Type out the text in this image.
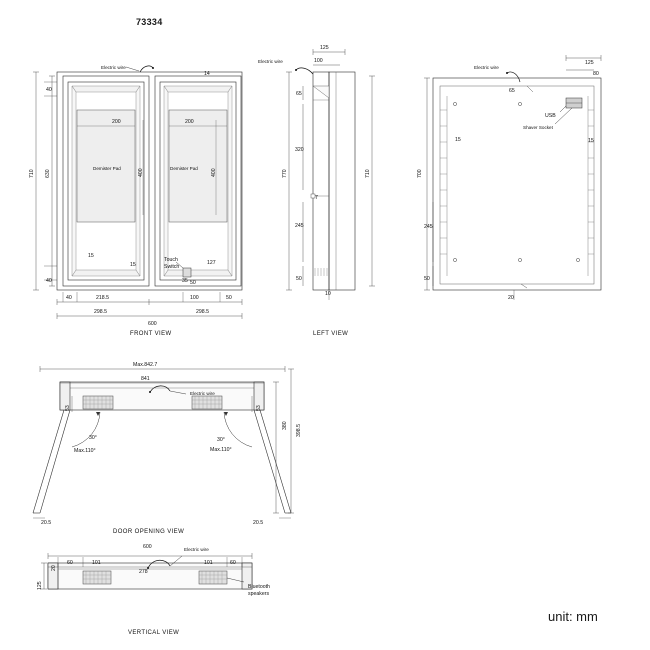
73334
unit: mm
Electric wire
14
40
200	200
Demister Pad	Demister Pad
400	400
710 630
15
15
Touch
Switch
127
40	35 50
40	218.5	100	50
298.5	298.5
600
FRONT VIEW
Electric wire
125
100
65
320
770	710
7
245
50
10
LEFT VIEW
Electric wire
125
80
65
USB
Shaver Socket
15	15
700
245
50
20
Max.842.7
841
Electric wire
53	53
30°
Max.110°
30°
Max.110°
380 398.5
20.5	20.5
DOOR OPENING VIEW
600	Electric wire
60	101	101	60
20
278
125	Bluetooth
speakers
VERTICAL VIEW
